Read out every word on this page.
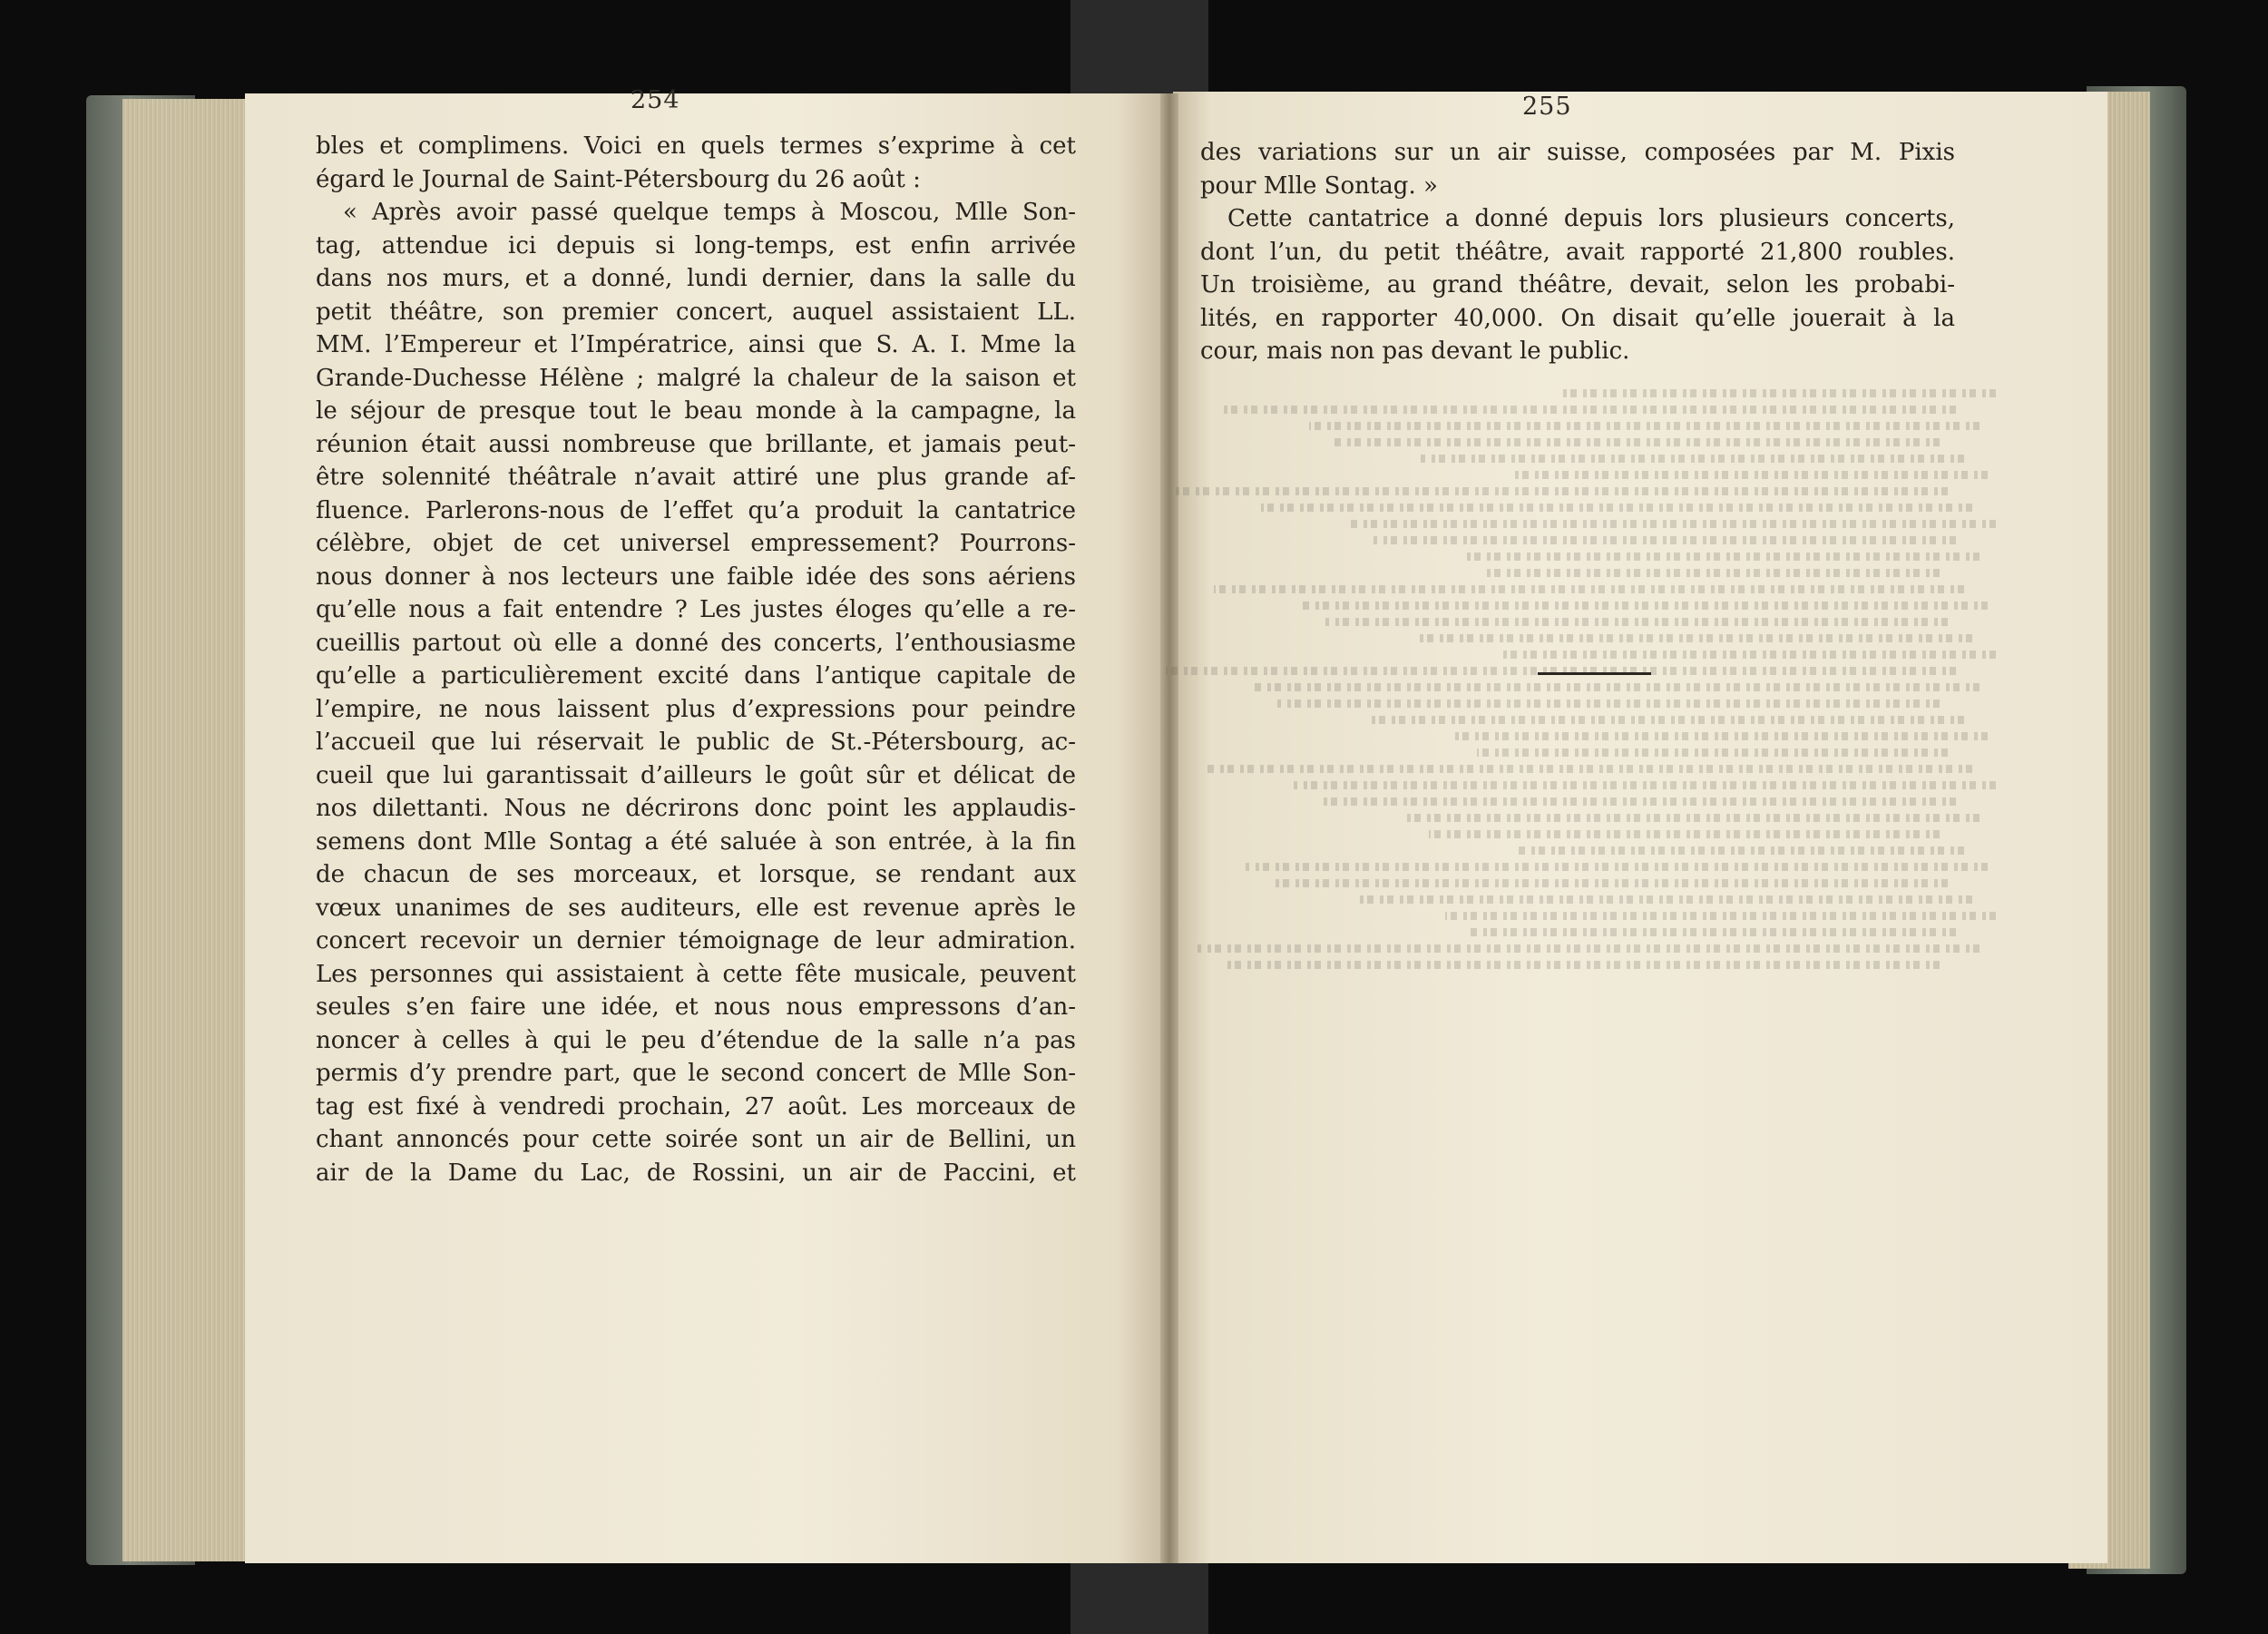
254	255
bles et complimens. Voici en quels termes s’exprime à cet
égard le Journal de Saint-Pétersbourg du 26 août :
« Après avoir passé quelque temps à Moscou, Mlle Son-
tag, attendue ici depuis si long-temps, est enfin arrivée
dans nos murs, et a donné, lundi dernier, dans la salle du
petit théâtre, son premier concert, auquel assistaient LL.
MM. l’Empereur et l’Impératrice, ainsi que S. A. I. Mme la
Grande-Duchesse Hélène ; malgré la chaleur de la saison et
le séjour de presque tout le beau monde à la campagne, la
réunion était aussi nombreuse que brillante, et jamais peut-
être solennité théâtrale n’avait attiré une plus grande af-
fluence. Parlerons-nous de l’effet qu’a produit la cantatrice
célèbre, objet de cet universel empressement? Pourrons-
nous donner à nos lecteurs une faible idée des sons aériens
qu’elle nous a fait entendre ? Les justes éloges qu’elle a re-
cueillis partout où elle a donné des concerts, l’enthousiasme
qu’elle a particulièrement excité dans l’antique capitale de
l’empire, ne nous laissent plus d’expressions pour peindre
l’accueil que lui réservait le public de St.-Pétersbourg, ac-
cueil que lui garantissait d’ailleurs le goût sûr et délicat de
nos dilettanti. Nous ne décrirons donc point les applaudis-
semens dont Mlle Sontag a été saluée à son entrée, à la fin
de chacun de ses morceaux, et lorsque, se rendant aux
vœux unanimes de ses auditeurs, elle est revenue après le
concert recevoir un dernier témoignage de leur admiration.
Les personnes qui assistaient à cette fête musicale, peuvent
seules s’en faire une idée, et nous nous empressons d’an-
noncer à celles à qui le peu d’étendue de la salle n’a pas
permis d’y prendre part, que le second concert de Mlle Son-
tag est fixé à vendredi prochain, 27 août. Les morceaux de
chant annoncés pour cette soirée sont un air de Bellini, un
air de la Dame du Lac, de Rossini, un air de Paccini, et
des variations sur un air suisse, composées par M. Pixis
pour Mlle Sontag. »
Cette cantatrice a donné depuis lors plusieurs concerts,
dont l’un, du petit théâtre, avait rapporté 21,800 roubles.
Un troisième, au grand théâtre, devait, selon les probabi-
lités, en rapporter 40,000. On disait qu’elle jouerait à la
cour, mais non pas devant le public.
